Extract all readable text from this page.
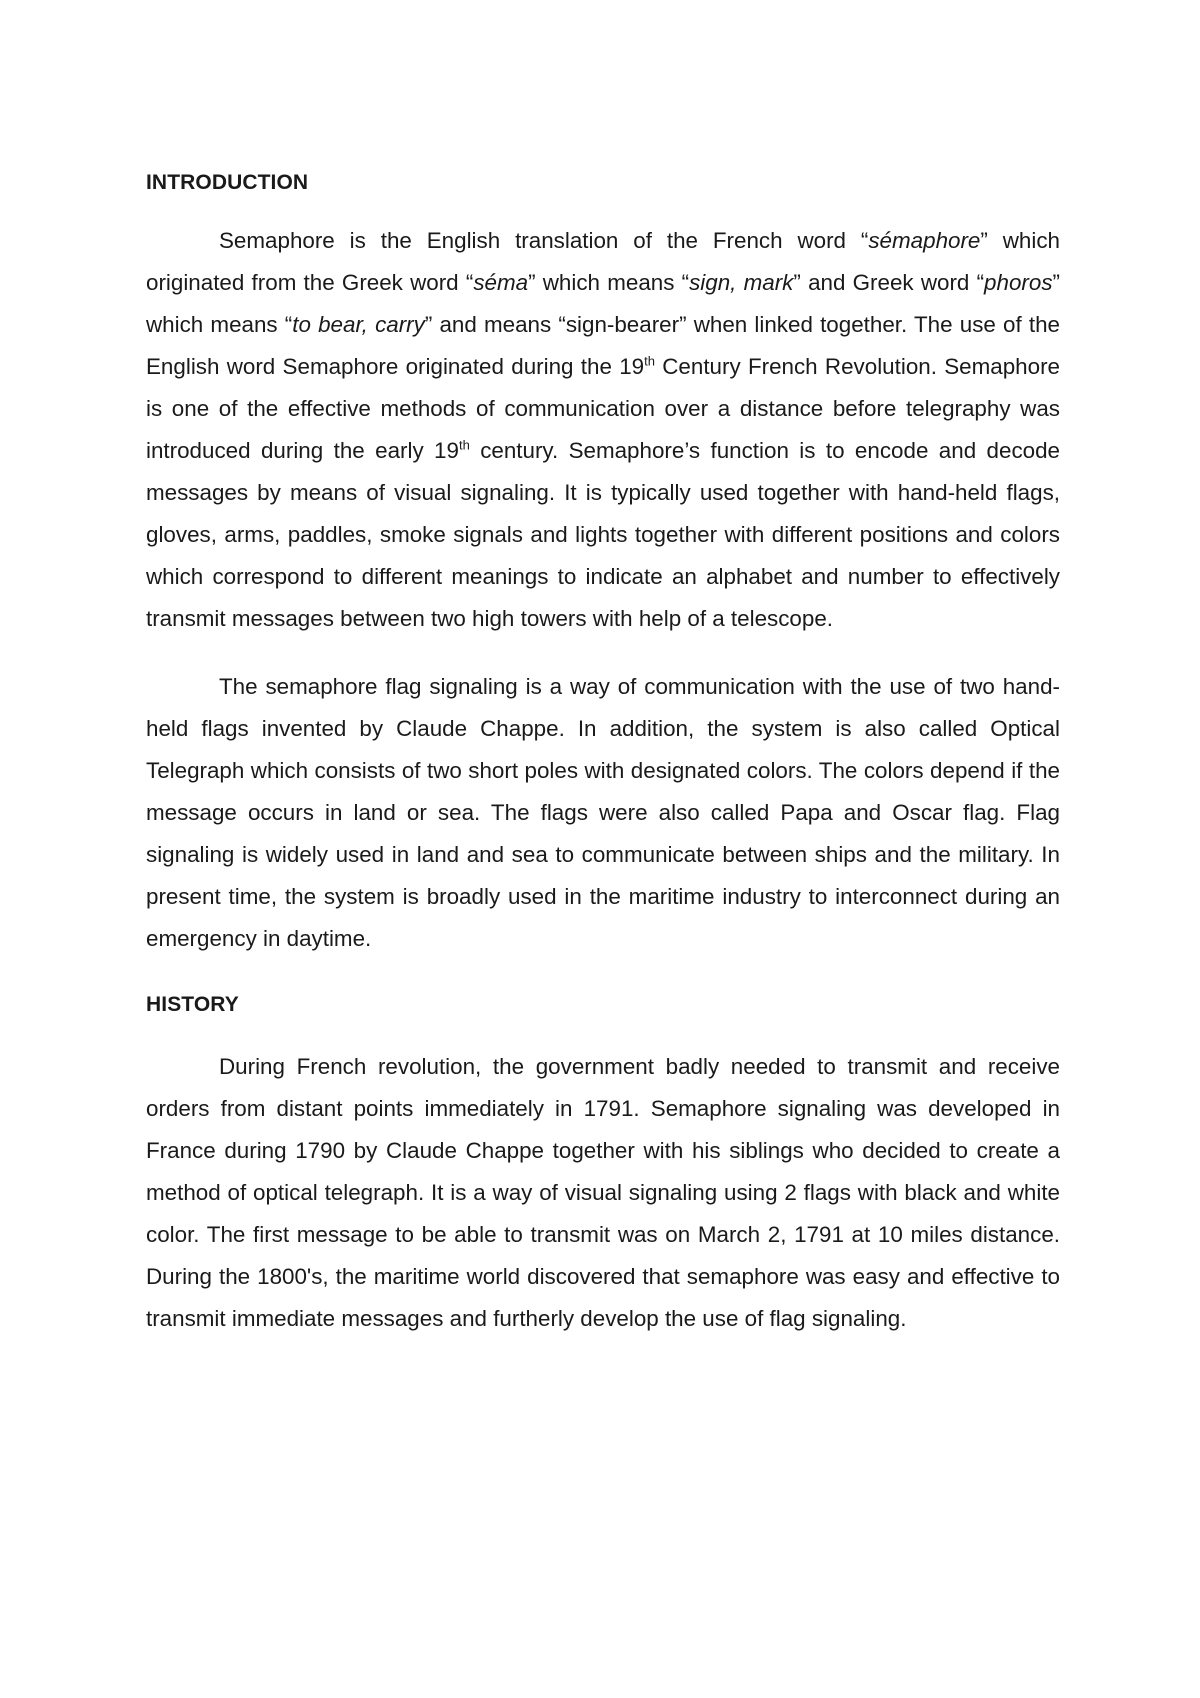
INTRODUCTION

Semaphore is the English translation of the French word “sémaphore” which originated from the Greek word “séma” which means “sign, mark” and Greek word “phoros” which means “to bear, carry” and means “sign-bearer” when linked together. The use of the English word Semaphore originated during the 19th Century French Revolution. Semaphore is one of the effective methods of communication over a distance before telegraphy was introduced during the early 19th century. Semaphore’s function is to encode and decode messages by means of visual signaling. It is typically used together with hand-held flags, gloves, arms, paddles, smoke signals and lights together with different positions and colors which correspond to different meanings to indicate an alphabet and number to effectively transmit messages between two high towers with help of a telescope.

The semaphore flag signaling is a way of communication with the use of two hand-held flags invented by Claude Chappe. In addition, the system is also called Optical Telegraph which consists of two short poles with designated colors. The colors depend if the message occurs in land or sea. The flags were also called Papa and Oscar flag. Flag signaling is widely used in land and sea to communicate between ships and the military. In present time, the system is broadly used in the maritime industry to interconnect during an emergency in daytime.

HISTORY

During French revolution, the government badly needed to transmit and receive orders from distant points immediately in 1791. Semaphore signaling was developed in France during 1790 by Claude Chappe together with his siblings who decided to create a method of optical telegraph. It is a way of visual signaling using 2 flags with black and white color. The first message to be able to transmit was on March 2, 1791 at 10 miles distance. During the 1800's, the maritime world discovered that semaphore was easy and effective to transmit immediate messages and furtherly develop the use of flag signaling.
